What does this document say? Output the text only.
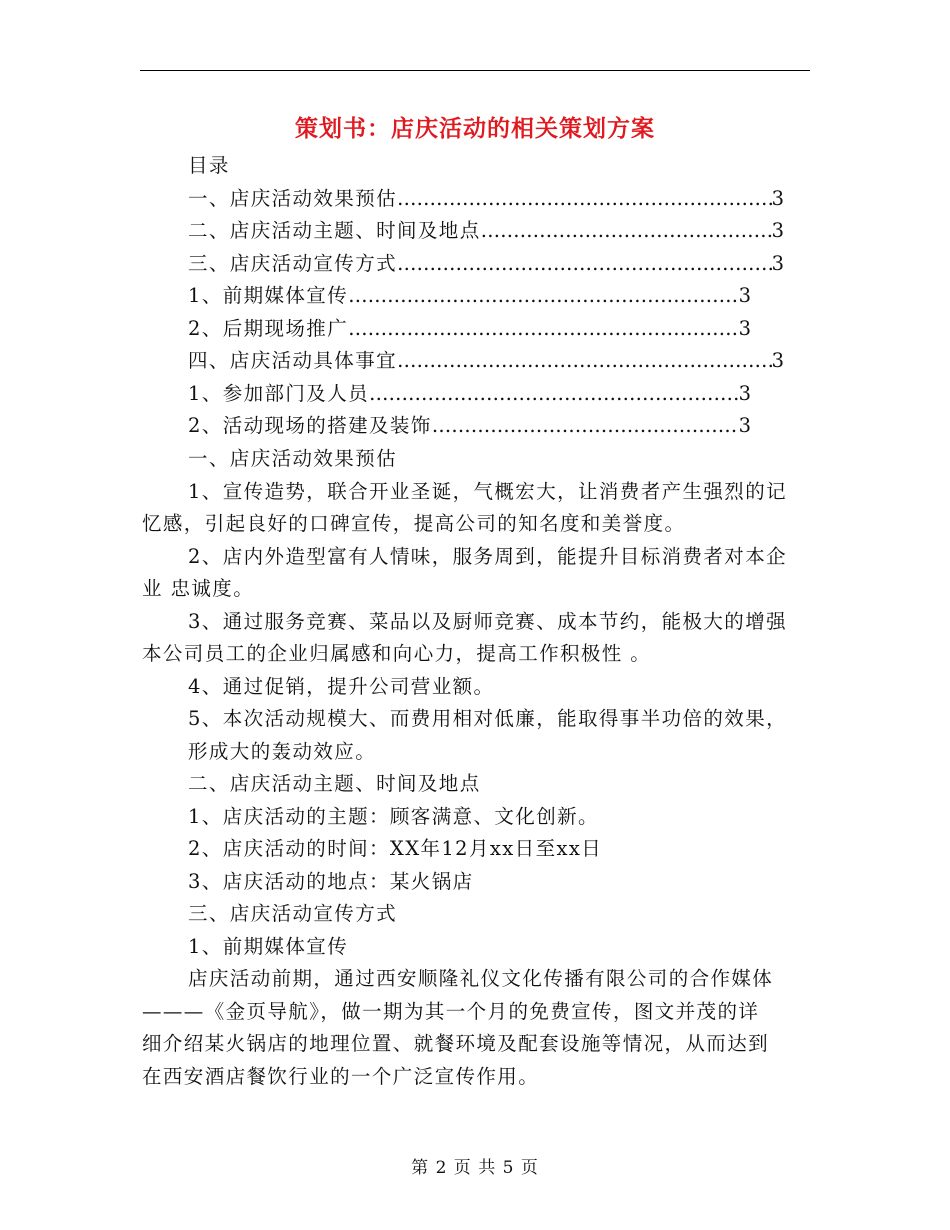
策划书：店庆活动的相关策划方案
目录
一、店庆活动效果预估 …………………………………………………………………………………………………………………………	3
二、店庆活动主题、时间及地点 …………………………………………………………………………………………………………………………	3
三、店庆活动宣传方式 …………………………………………………………………………………………………………………………	3
1、前期媒体宣传 …………………………………………………………………………………………………………………………	3
2、后期现场推广 …………………………………………………………………………………………………………………………	3
四、店庆活动具体事宜 …………………………………………………………………………………………………………………………	3
1、参加部门及人员 …………………………………………………………………………………………………………………………	3
2、活动现场的搭建及装饰 …………………………………………………………………………………………………………………………	3
一、店庆活动效果预估
1、宣传造势，联合开业圣诞，气概宏大，让消费者产生强烈的记
忆感，引起良好的口碑宣传，提高公司的知名度和美誉度。
2、店内外造型富有人情味，服务周到，能提升目标消费者对本企
业 忠诚度。
3、通过服务竞赛、菜品以及厨师竞赛、成本节约，能极大的增强
本公司员工的企业归属感和向心力，提高工作积极性 。
4、通过促销，提升公司营业额。
5、本次活动规模大、而费用相对低廉，能取得事半功倍的效果，
形成大的轰动效应。
二、店庆活动主题、时间及地点
1、店庆活动的主题：顾客满意、文化创新。
2、店庆活动的时间：XX年12月xx日至xx日
3、店庆活动的地点：某火锅店
三、店庆活动宣传方式
1、前期媒体宣传
店庆活动前期，通过西安顺隆礼仪文化传播有限公司的合作媒体
———《金页导航》，做一期为其一个月的免费宣传，图文并茂的详
细介绍某火锅店的地理位置、就餐环境及配套设施等情况，从而达到
在西安酒店餐饮行业的一个广泛宣传作用。
第 2 页 共 5 页
